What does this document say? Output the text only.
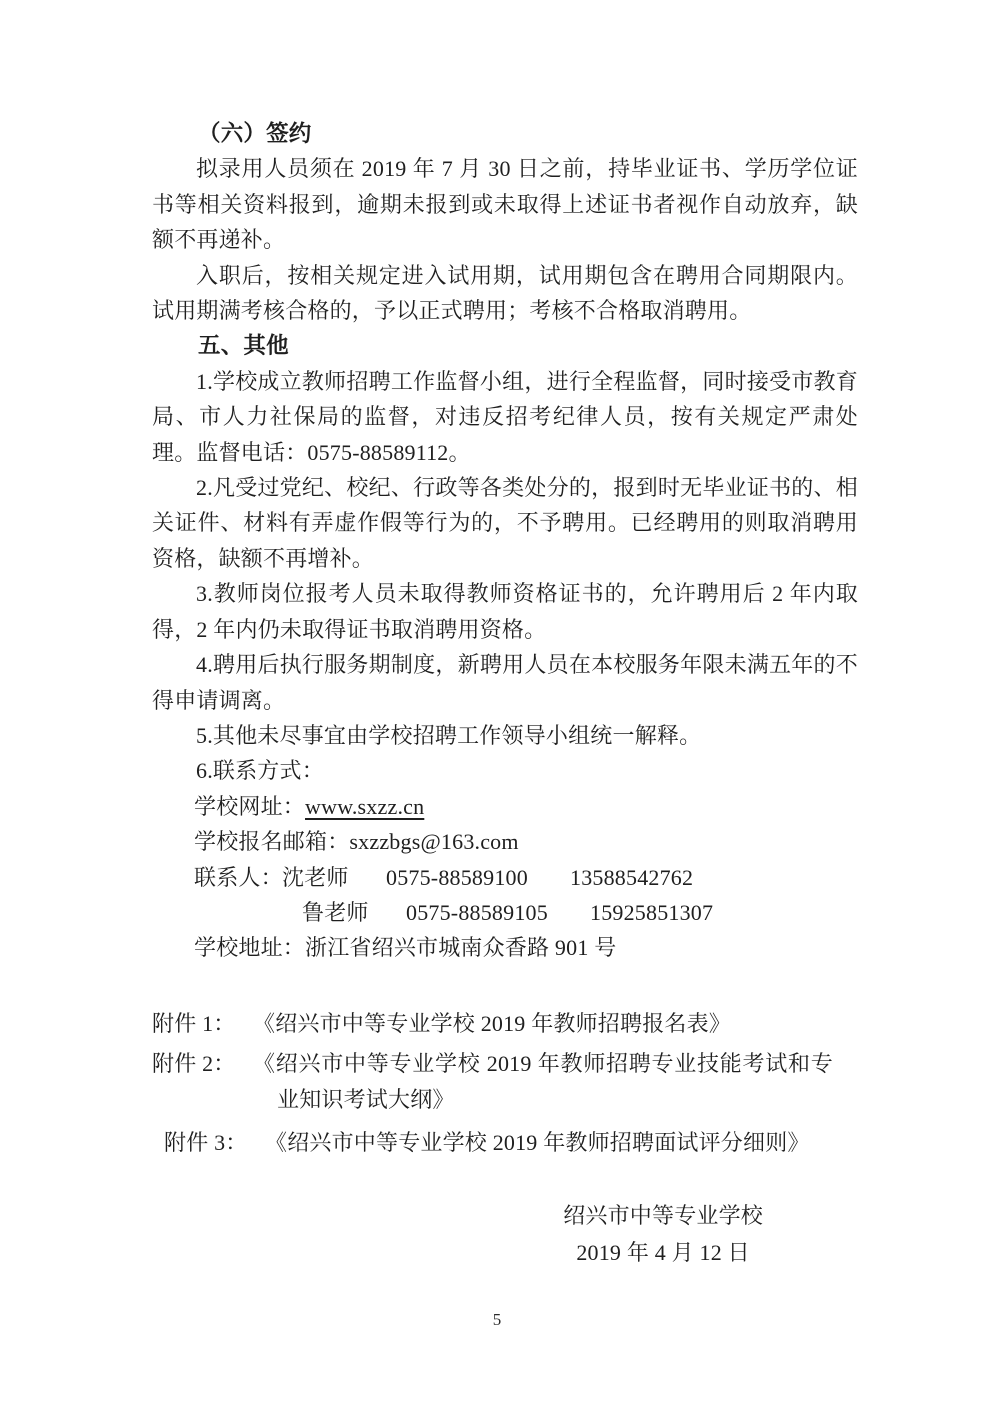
（六）签约

拟录用人员须在 2019 年 7 月 30 日之前，持毕业证书、学历学位证书等相关资料报到，逾期未报到或未取得上述证书者视作自动放弃，缺额不再递补。

入职后，按相关规定进入试用期，试用期包含在聘用合同期限内。试用期满考核合格的，予以正式聘用；考核不合格取消聘用。

五、其他

1.学校成立教师招聘工作监督小组，进行全程监督，同时接受市教育局、市人力社保局的监督，对违反招考纪律人员，按有关规定严肃处理。监督电话：0575-88589112。

2.凡受过党纪、校纪、行政等各类处分的，报到时无毕业证书的、相关证件、材料有弄虚作假等行为的，不予聘用。已经聘用的则取消聘用资格，缺额不再增补。

3.教师岗位报考人员未取得教师资格证书的，允许聘用后 2 年内取得，2 年内仍未取得证书取消聘用资格。

4.聘用后执行服务期制度，新聘用人员在本校服务年限未满五年的不得申请调离。

5.其他未尽事宜由学校招聘工作领导小组统一解释。

6.联系方式：

学校网址：www.sxzz.cn
学校报名邮箱：sxzzbgs@163.com
联系人：沈老师 0575-88589100 13588542762
鲁老师 0575-88589105 15925851307
学校地址：浙江省绍兴市城南众香路 901 号
附件 1： 《绍兴市中等专业学校 2019 年教师招聘报名表》
附件 2： 《绍兴市中等专业学校 2019 年教师招聘专业技能考试和专业知识考试大纲》
附件 3： 《绍兴市中等专业学校 2019 年教师招聘面试评分细则》
绍兴市中等专业学校
2019 年 4 月 12 日
5
